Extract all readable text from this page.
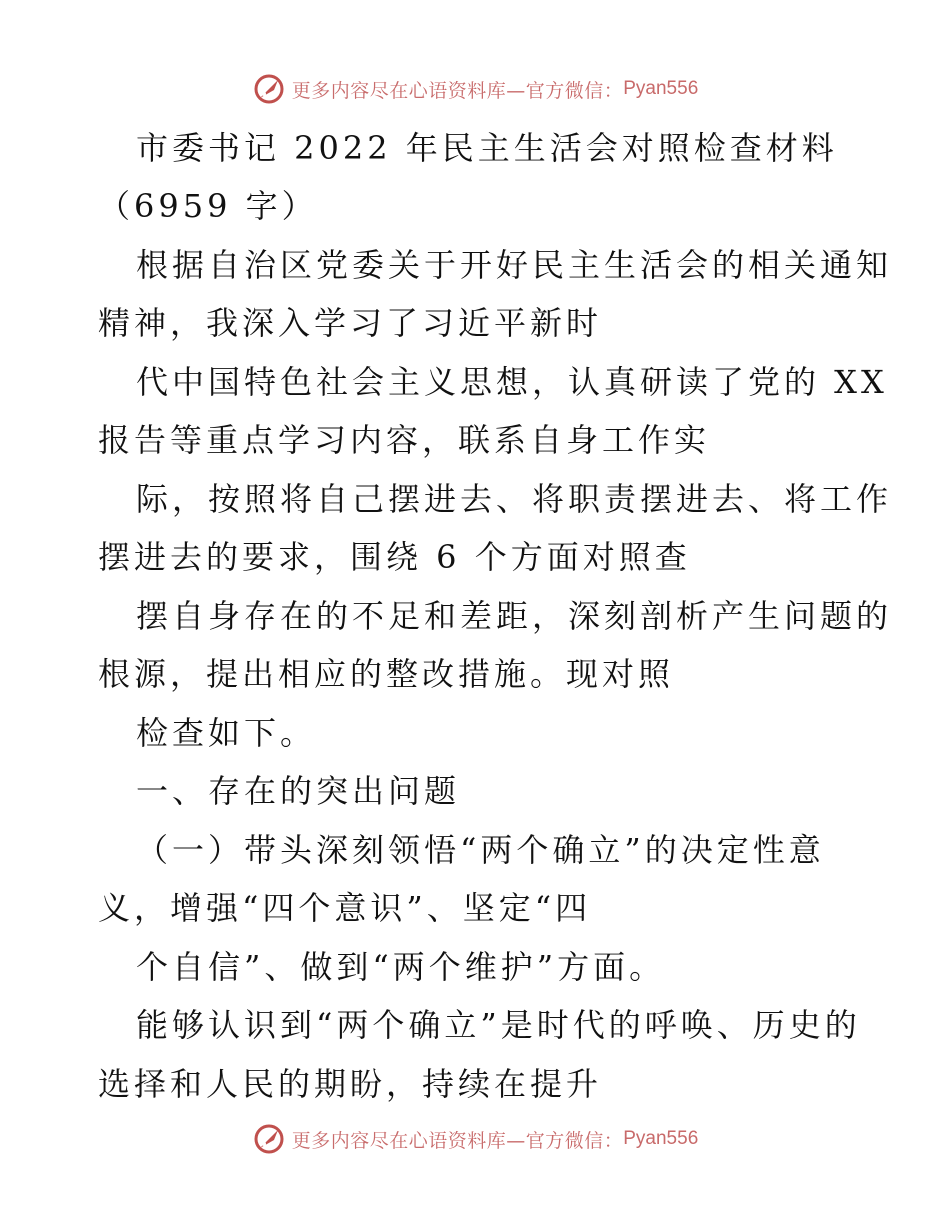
更多内容尽在心语资料库—官方微信： Pyan556
市委书记 2022 年民主生活会对照检查材料
（6959 字）
根据自治区党委关于开好民主生活会的相关通知
精神，我深入学习了习近平新时
代中国特色社会主义思想，认真研读了党的 XX
报告等重点学习内容，联系自身工作实
际，按照将自己摆进去、将职责摆进去、将工作
摆进去的要求，围绕 6 个方面对照查
摆自身存在的不足和差距，深刻剖析产生问题的
根源，提出相应的整改措施。现对照
检查如下。
一、存在的突出问题
（一）带头深刻领悟“两个确立”的决定性意
义，增强“四个意识”、坚定“四
个自信”、做到“两个维护”方面。
能够认识到“两个确立”是时代的呼唤、历史的
选择和人民的期盼，持续在提升
更多内容尽在心语资料库—官方微信： Pyan556
